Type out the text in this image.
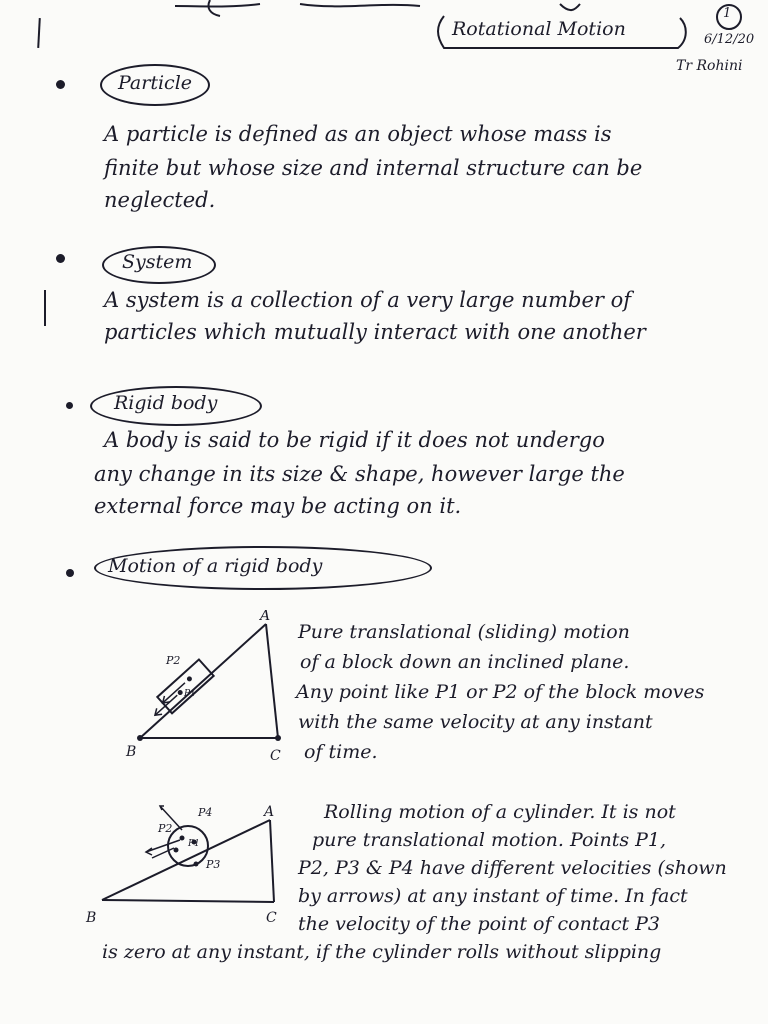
Rotational Motion
1
6/12/20
Tr Rohini
Particle
A particle is defined as an object whose mass is
finite but whose size and internal structure can be
neglected.
System
A system is a collection of a very large number of
particles which mutually interact with one another
Rigid body
A body is said to be rigid if it does not undergo
any change in its size & shape, however large the
external force may be acting on it.
Motion of a rigid body
A
B	C
P2
P1
Pure translational (sliding) motion
of a block down an inclined plane.
Any point like P1 or P2 of the block moves
with the same velocity at any instant
of time.
A
B	C
P4
P2
P1
P3
Rolling motion of a cylinder. It is not
pure translational motion. Points P1,
P2, P3 & P4 have different velocities (shown
by arrows) at any instant of time. In fact
the velocity of the point of contact P3
is zero at any instant, if the cylinder rolls without slipping
